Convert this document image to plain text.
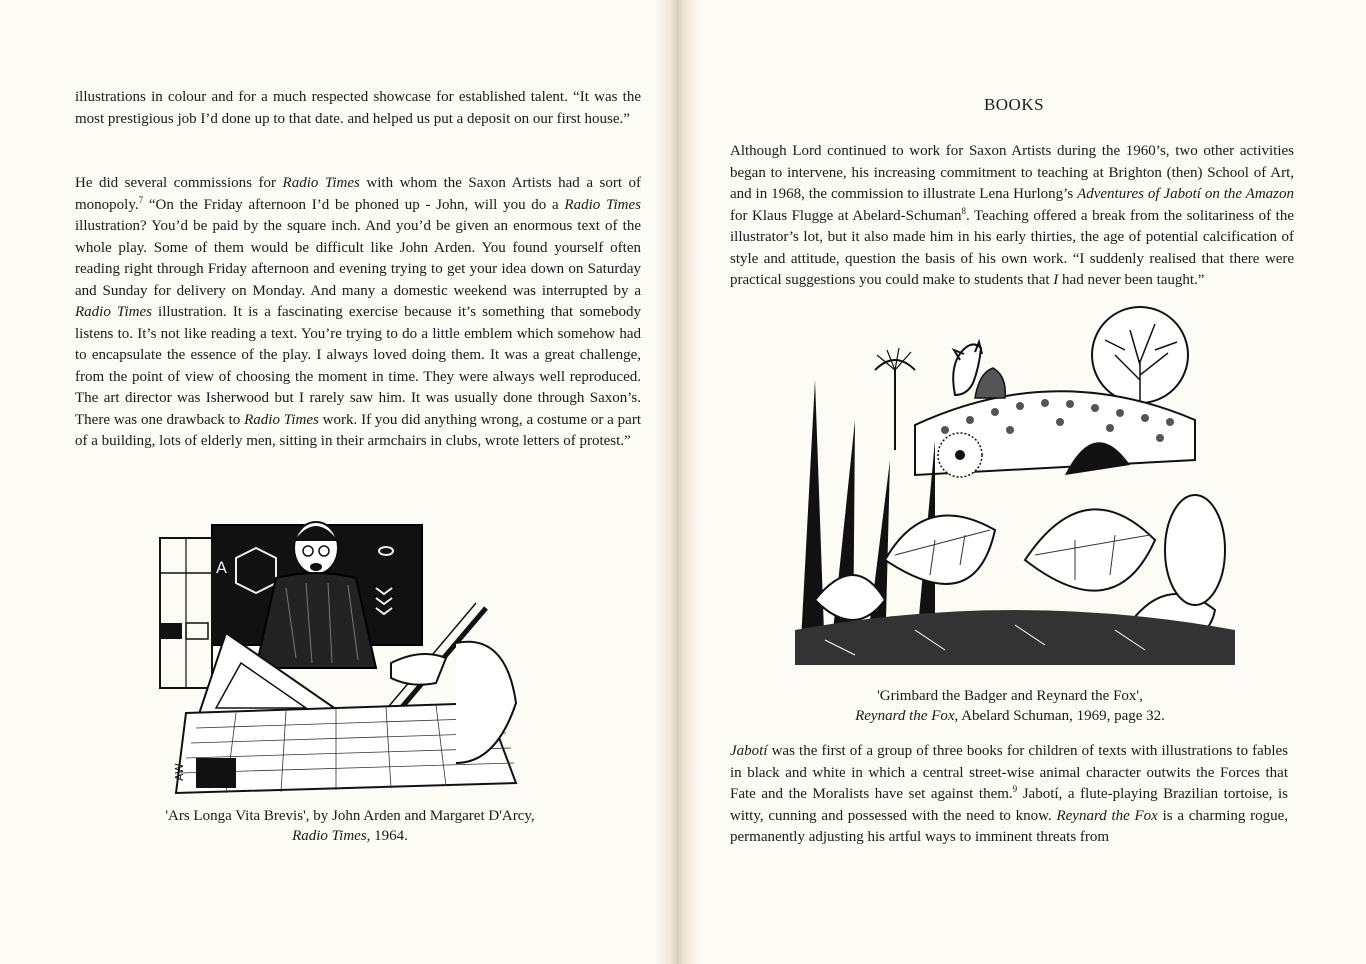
illustrations in colour and for a much respected showcase for established talent. “It was the most prestigious job I’d done up to that date. and helped us put a deposit on our first house.”

He did several commissions for Radio Times with whom the Saxon Artists had a sort of monopoly.$^7$ “On the Friday afternoon I’d be phoned up - John, will you do a Radio Times illustration? You’d be paid by the square inch. And you’d be given an enormous text of the whole play. Some of them would be difficult like John Arden. You found yourself often reading right through Friday afternoon and evening trying to get your idea down on Saturday and Sunday for delivery on Monday. And many a domestic weekend was interrupted by a Radio Times illustration. It is a fascinating exercise because it’s something that somebody listens to. It’s not like reading a text. You’re trying to do a little emblem which somehow had to encapsulate the essence of the play. I always loved doing them. It was a great challenge, from the point of view of choosing the moment in time. They were always well reproduced. The art director was Isherwood but I rarely saw him. It was usually done through Saxon’s. There was one drawback to Radio Times work. If you did anything wrong, a costume or a part of a building, lots of elderly men, sitting in their armchairs in clubs, wrote letters of protest.”

A
AW
'Ars Longa Vita Brevis', by John Arden and Margaret D'Arcy,
Radio Times, 1964.
BOOKS

Although Lord continued to work for Saxon Artists during the 1960’s, two other activities began to intervene, his increasing commitment to teaching at Brighton (then) School of Art, and in 1968, the commission to illustrate Lena Hurlong’s Adventures of Jabotí on the Amazon for Klaus Flugge at Abelard-Schuman$^8$. Teaching offered a break from the solitariness of the illustrator’s lot, but it also made him in his early thirties, the age of potential calcification of style and attitude, question the basis of his own work. “I suddenly realised that there were practical suggestions you could make to students that I had never been taught.”

'Grimbard the Badger and Reynard the Fox',
Reynard the Fox, Abelard Schuman, 1969, page 32.

Jabotí was the first of a group of three books for children of texts with illustrations to fables in black and white in which a central street-wise animal character outwits the Forces that Fate and the Moralists have set against them.$^9$ Jabotí, a flute-playing Brazilian tortoise, is witty, cunning and possessed with the need to know. Reynard the Fox is a charming rogue, permanently adjusting his artful ways to imminent threats from
